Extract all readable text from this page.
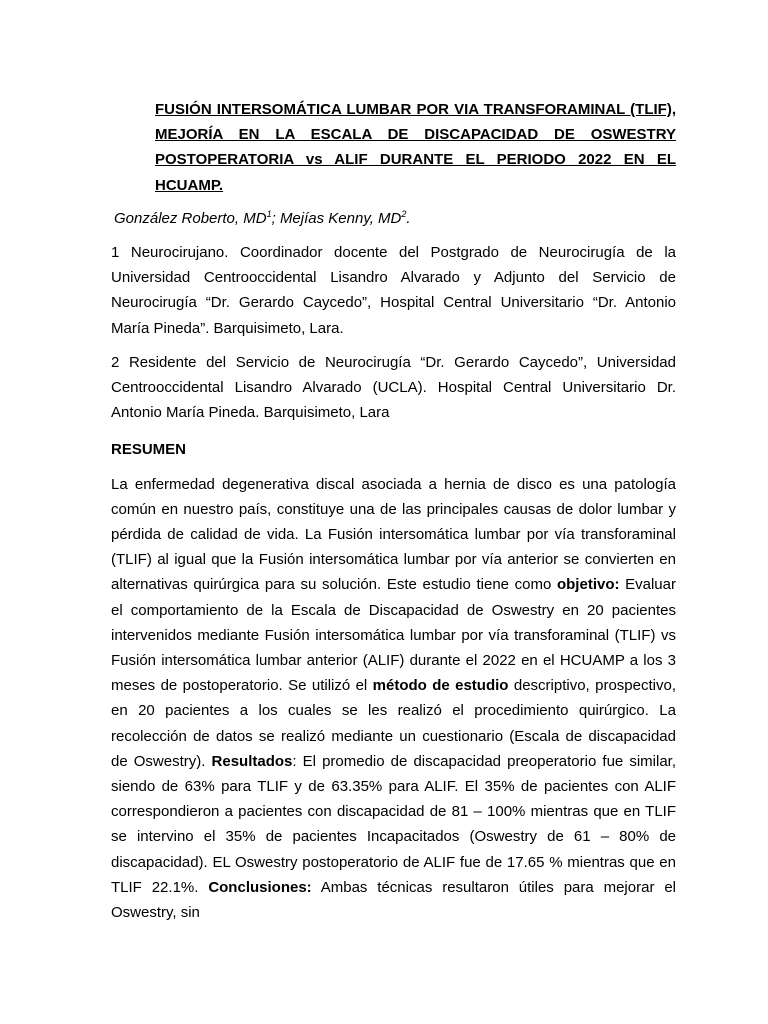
FUSIÓN INTERSOMÁTICA LUMBAR POR VIA TRANSFORAMINAL (TLIF), MEJORÍA EN LA ESCALA DE DISCAPACIDAD DE OSWESTRY POSTOPERATORIA vs ALIF DURANTE EL PERIODO 2022 EN EL HCUAMP.
González Roberto, $MD^1$; Mejías Kenny, $MD^2$.

1 Neurocirujano. Coordinador docente del Postgrado de Neurocirugía de la Universidad Centrooccidental Lisandro Alvarado y Adjunto del Servicio de Neurocirugía “Dr. Gerardo Caycedo”, Hospital Central Universitario “Dr. Antonio María Pineda”. Barquisimeto, Lara.

2 Residente del Servicio de Neurocirugía “Dr. Gerardo Caycedo”, Universidad Centrooccidental Lisandro Alvarado (UCLA). Hospital Central Universitario Dr. Antonio María Pineda. Barquisimeto, Lara

RESUMEN

La enfermedad degenerativa discal asociada a hernia de disco es una patología común en nuestro país, constituye una de las principales causas de dolor lumbar y pérdida de calidad de vida. La Fusión intersomática lumbar por vía transforaminal (TLIF) al igual que la Fusión intersomática lumbar por vía anterior se convierten en alternativas quirúrgica para su solución. Este estudio tiene como objetivo: Evaluar el comportamiento de la Escala de Discapacidad de Oswestry en 20 pacientes intervenidos mediante Fusión intersomática lumbar por vía transforaminal (TLIF) vs Fusión intersomática lumbar anterior (ALIF) durante el 2022 en el HCUAMP a los 3 meses de postoperatorio. Se utilizó el método de estudio descriptivo, prospectivo, en 20 pacientes a los cuales se les realizó el procedimiento quirúrgico. La recolección de datos se realizó mediante un cuestionario (Escala de discapacidad de Oswestry). Resultados: El promedio de discapacidad preoperatorio fue similar, siendo de 63% para TLIF y de 63.35% para ALIF. El 35% de pacientes con ALIF correspondieron a pacientes con discapacidad de 81 – 100% mientras que en TLIF se intervino el 35% de pacientes Incapacitados (Oswestry de 61 – 80% de discapacidad). EL Oswestry postoperatorio de ALIF fue de 17.65 % mientras que en TLIF 22.1%. Conclusiones: Ambas técnicas resultaron útiles para mejorar el Oswestry, sin
